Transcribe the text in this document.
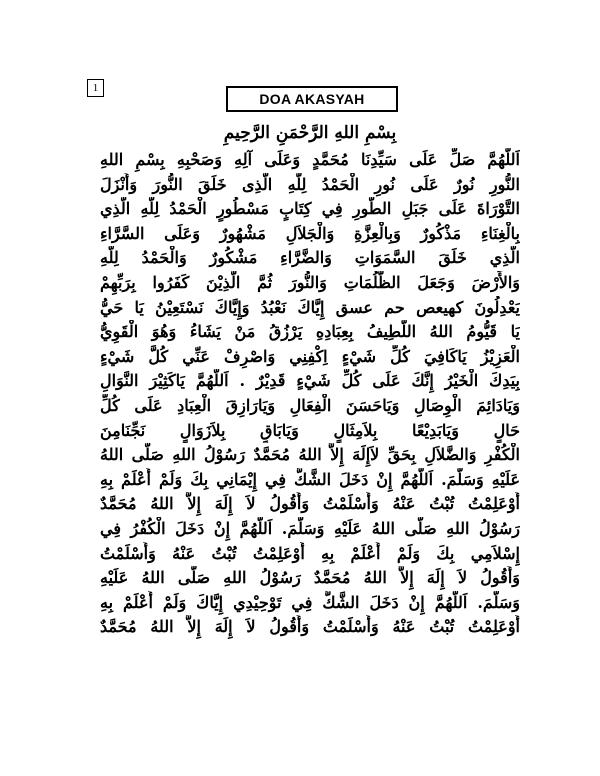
1
DOA AKASYAH
بِسْمِ اللهِ الرَّحْمَنِ الرَّحِيمِ
اَللَّهُمَّ صَلِّ عَلَى سَيِّدِنَا مُحَمَّدٍ وَعَلَى آلِهِ وَصَحْبِهِ بِسْمِ اللهِ
النُّورِ نُورٌ عَلَى نُورِ الْحَمْدُ لِلّهِ الَّذِى خَلَقَ النُّورَ وَأَنْزَلَ
التَّوْرَاةَ عَلَى جَبَلِ الطُّورِ فِي كِتَابٍ مَسْطُورٍ الْحَمْدُ لِلّهِ الَّذِي
بِالْغِنَاءِ مَذْكُورٌ وَبِالْعِزَّةِ وَالْجَلاَلِ مَشْهُورٌ وَعَلَى السَّرَّاءِ
الَّذِي خَلَقَ السَّمَوَاتِ وَالضَّرَّاءِ مَشْكُورٌ وَالْحَمْدُ لِلّهِ
وَالأَرْضَ وَجَعَلَ الظُّلُمَاتِ وَالنُّورَ ثُمَّ الَّذِيْنَ كَفَرُوا بِرَبِّهِمْ
يَعْدِلُونَ كهيعص حم عسق إِيَّاكَ نَعْبُدُ وَإِيَّاكَ نَسْتَعِيْنُ يَا حَيُّ
يَا قَيُّومُ اللهُ اللَّطِيفُ بِعِبَادِهِ يَرْزُقُ مَنْ يَشَاءُ وَهُوَ الْقَوِيُّ
الْعَزِيْزُ يَاكَافِيَ كُلِّ شَيْءٍ اِكْفِنِي وَاصْرِفْ عَنِّي كُلَّ شَيْءٍ
بِيَدِكَ الْخَيْرُ إِنَّكَ عَلَى كُلِّ شَيْءٍ قَدِيْرٌ . اَللَّهُمَّ يَاكَثِيْرَ النَّوَالِ
وَيَادَائِمَ الْوِصَالِ وَيَاحَسَنَ الْفِعَالِ وَيَارَازِقَ الْعِبَادِ عَلَى كُلِّ
حَالٍ وَيَابَدِيْعًا بِلاَمِثَالٍ وَيَابَاقٍ بِلاَزَوَالٍ نَجِّنَامِنَ
الْكُفْرِ وَالضَّلاَلِ بِحَقِّ لاَإِلَهَ إِلاَّ اللهُ مُحَمَّدٌ رَسُوْلُ اللهِ صَلَّى اللهُ
عَلَيْهِ وَسَلَّمَ. اَللَّهُمَّ إِنْ دَخَلَ الشَّكُّ فِي إِيْمَانِي بِكَ وَلَمْ أَعْلَمْ بِهِ
أَوْعَلِمْتُ تُبْتُ عَنْهُ وَأَسْلَمْتُ وَأَقُولُ لاَ إِلَهَ إِلاَّ اللهُ مُحَمَّدٌ
رَسُوْلُ اللهِ صَلَّى اللهُ عَلَيْهِ وَسَلَّمَ. اَللَّهُمَّ إِنْ دَخَلَ الْكُفْرُ فِي
إِسْلاَمِي بِكَ وَلَمْ أَعْلَمْ بِهِ أَوْعَلِمْتُ تُبْتُ عَنْهُ وَأَسْلَمْتُ
وَأَقُولُ لاَ إِلَهَ إِلاَّ اللهُ مُحَمَّدٌ رَسُوْلُ اللهِ صَلَّى اللهُ عَلَيْهِ
وَسَلَّمَ. اَللَّهُمَّ إِنْ دَخَلَ الشَّكُّ فِي تَوْحِيْدِي إِيَّاكَ وَلَمْ أَعْلَمْ بِهِ
أَوْعَلِمْتُ تُبْتُ عَنْهُ وَأَسْلَمْتُ وَأَقُولُ لاَ إِلَهَ إِلاَّ اللهُ مُحَمَّدٌ
